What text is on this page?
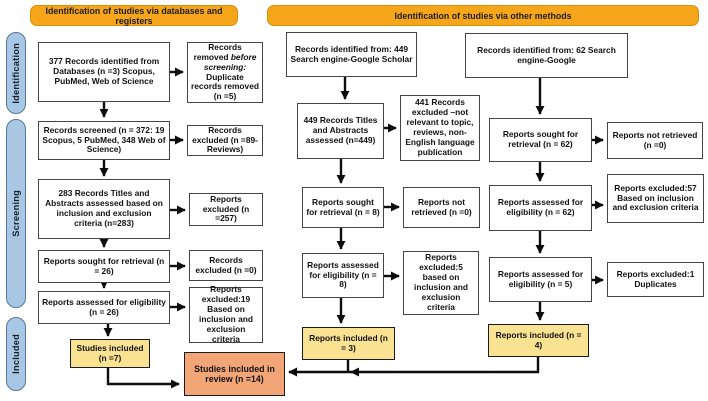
Identification of studies via databases and registers	Identification of studies via other methods
Identification
Screening
Included
377 Records identified from Databases (n =3) Scopus, PubMed, Web of Science
Records removed before screening: Duplicate records removed (n =5)
Records screened (n = 372: 19 Scopus, 5 PubMed, 348 Web of Science)
Records excluded (n =89- Reviews)
283 Records Titles and Abstracts assessed based on inclusion and exclusion criteria (n=283)
Reports excluded (n =257)
Reports sought for retrieval (n = 26)
Records excluded (n =0)
Reports assessed for eligibility (n = 26)
Reports excluded:19 Based on inclusion and exclusion criteria
Studies included (n =7)
Studies included in review (n =14)
Records identified from: 449 Search engine-Google Scholar
449 Records Titles and Abstracts assessed (n=449)
441 Records excluded –not relevant to topic, reviews, non-English language publication
Reports sought for retrieval (n = 8)
Reports not retrieved (n =0)
Reports assessed for eligibility (n = 8)
Reports excluded:5 based on inclusion and exclusion criteria
Reports included (n = 3)
Records identified from: 62 Search engine-Google
Reports sought for retrieval (n = 62)
Reports not retrieved (n =0)
Reports assessed for eligibility (n = 62)
Reports excluded:57 Based on inclusion and exclusion criteria
Reports assessed for eligibility (n = 5)
Reports excluded:1 Duplicates
Reports included (n = 4)
